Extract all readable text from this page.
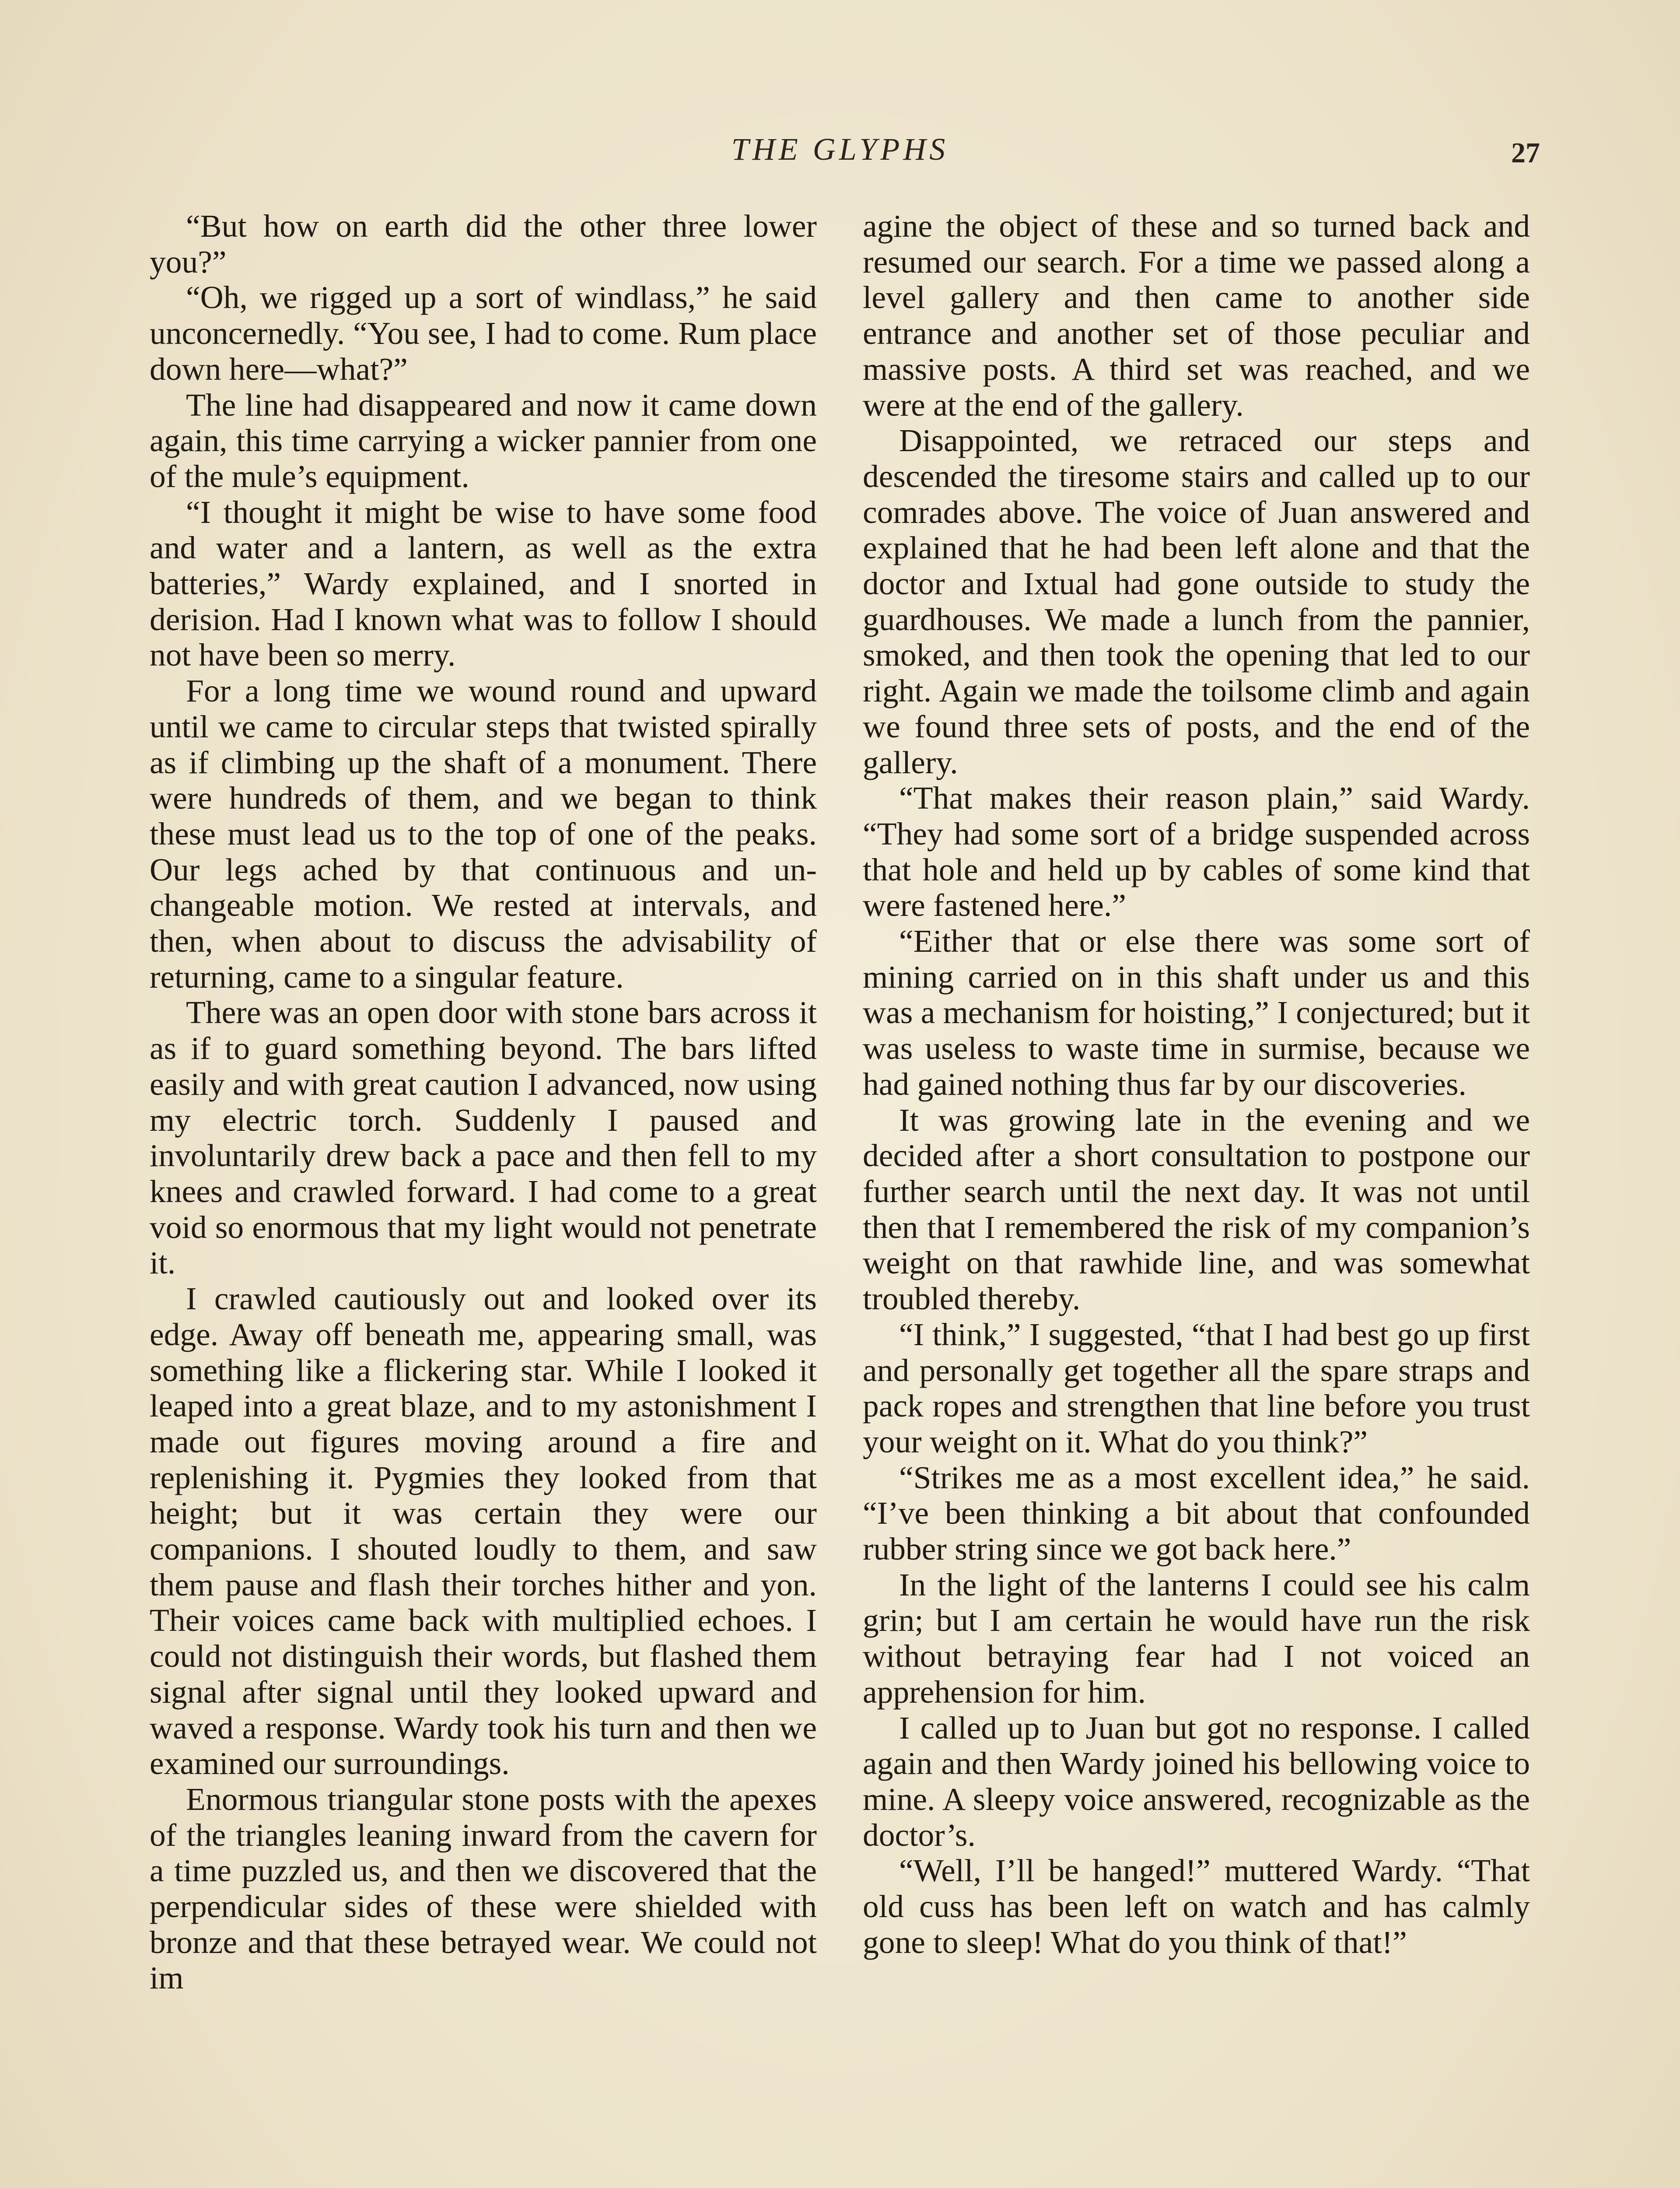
THE GLYPHS	27

“But how on earth did the other three lower you?”

“Oh, we rigged up a sort of windlass,” he said unconcernedly. “You see, I had to come. Rum place down here—what?”

The line had disappeared and now it came down again, this time carrying a wicker pannier from one of the mule’s equipment.

“I thought it might be wise to have some food and water and a lantern, as well as the extra batteries,” Wardy explained, and I snorted in derision. Had I known what was to follow I should not have been so merry.

For a long time we wound round and upward until we came to circular steps that twisted spirally as if climbing up the shaft of a monument. There were hundreds of them, and we began to think these must lead us to the top of one of the peaks. Our legs ached by that continuous and unchangeable motion. We rested at intervals, and then, when about to discuss the advisability of returning, came to a singular feature.

There was an open door with stone bars across it as if to guard something beyond. The bars lifted easily and with great caution I advanced, now using my electric torch. Suddenly I paused and involuntarily drew back a pace and then fell to my knees and crawled forward. I had come to a great void so enormous that my light would not penetrate it.

I crawled cautiously out and looked over its edge. Away off beneath me, appearing small, was something like a flickering star. While I looked it leaped into a great blaze, and to my astonishment I made out figures moving around a fire and replenishing it. Pygmies they looked from that height; but it was certain they were our companions. I shouted loudly to them, and saw them pause and flash their torches hither and yon. Their voices came back with multiplied echoes. I could not distinguish their words, but flashed them signal after signal until they looked upward and waved a response. Wardy took his turn and then we examined our surroundings.

Enormous triangular stone posts with the apexes of the triangles leaning inward from the cavern for a time puzzled us, and then we discovered that the perpendicular sides of these were shielded with bronze and that these betrayed wear. We could not im

agine the object of these and so turned back and resumed our search. For a time we passed along a level gallery and then came to another side entrance and another set of those peculiar and massive posts. A third set was reached, and we were at the end of the gallery.

Disappointed, we retraced our steps and descended the tiresome stairs and called up to our comrades above. The voice of Juan answered and explained that he had been left alone and that the doctor and Ixtual had gone outside to study the guardhouses. We made a lunch from the pannier, smoked, and then took the opening that led to our right. Again we made the toilsome climb and again we found three sets of posts, and the end of the gallery.

“That makes their reason plain,” said Wardy. “They had some sort of a bridge suspended across that hole and held up by cables of some kind that were fastened here.”

“Either that or else there was some sort of mining carried on in this shaft under us and this was a mechanism for hoisting,” I conjectured; but it was useless to waste time in surmise, because we had gained nothing thus far by our discoveries.

It was growing late in the evening and we decided after a short consultation to postpone our further search until the next day. It was not until then that I remembered the risk of my companion’s weight on that rawhide line, and was somewhat troubled thereby.

“I think,” I suggested, “that I had best go up first and personally get together all the spare straps and pack ropes and strengthen that line before you trust your weight on it. What do you think?”

“Strikes me as a most excellent idea,” he said. “I’ve been thinking a bit about that confounded rubber string since we got back here.”

In the light of the lanterns I could see his calm grin; but I am certain he would have run the risk without betraying fear had I not voiced an apprehension for him.

I called up to Juan but got no response. I called again and then Wardy joined his bellowing voice to mine. A sleepy voice answered, recognizable as the doctor’s.

“Well, I’ll be hanged!” muttered Wardy. “That old cuss has been left on watch and has calmly gone to sleep! What do you think of that!”
